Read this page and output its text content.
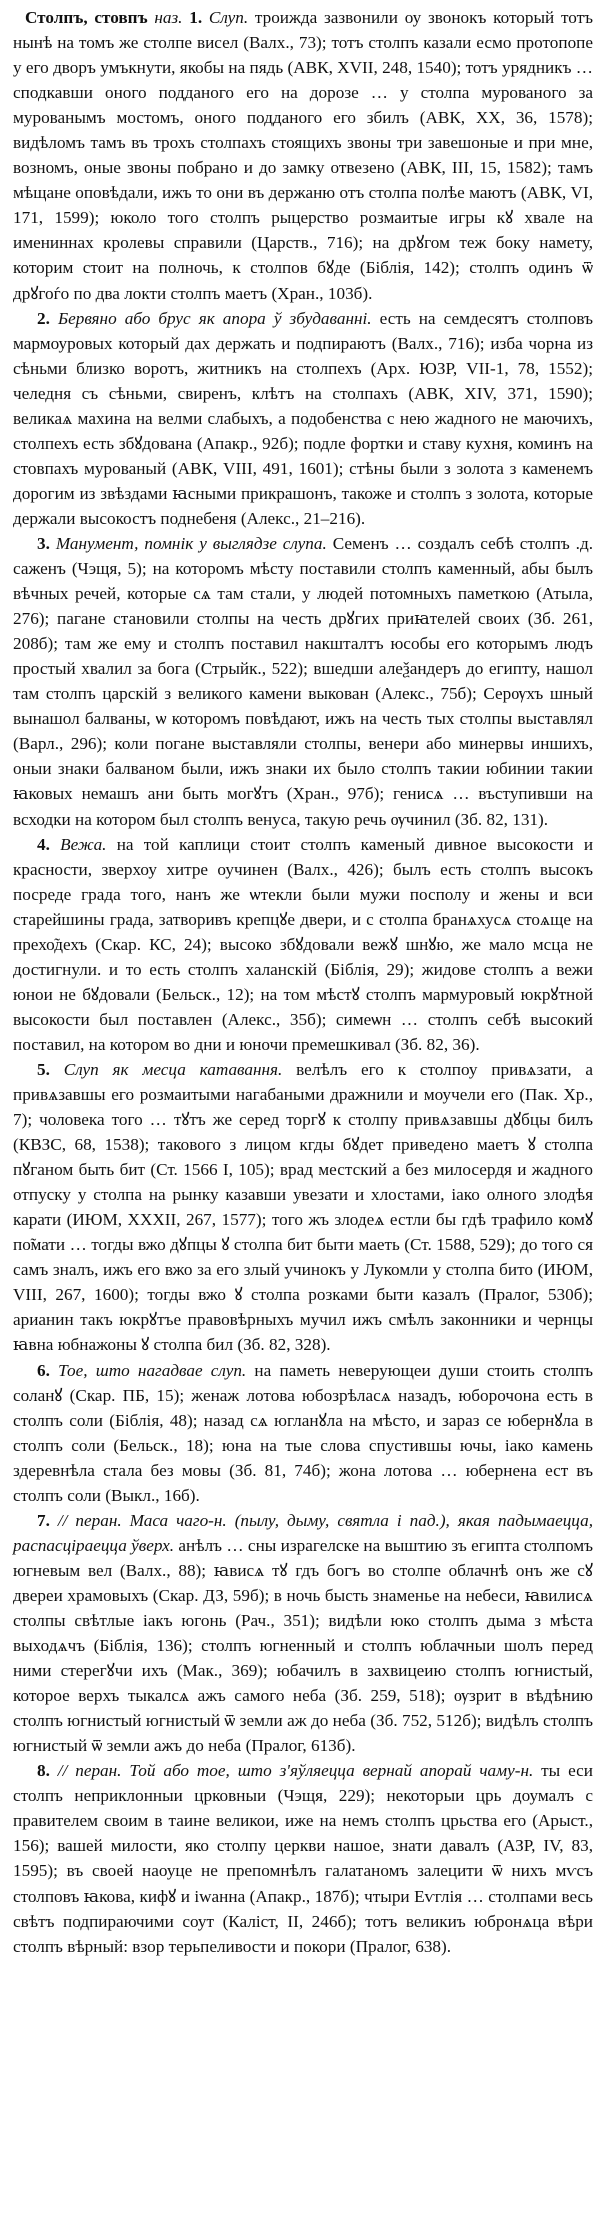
Столпъ, стовпъ наз. 1. Слуп. троижда зазвонили оу звонокъ который тотъ нынѣ на томъ же столпе висел (Валх., 73); тотъ столпъ казали есмо протопопе у его дворъ умъкнути, якобы на пядь (АВК, XVII, 248, 1540); тотъ урядникъ … сподкавши оного подданого его на дорозе … у столпа мурованого за мурованымъ мостомъ, оного подданого его збилъ (АВК, XX, 36, 1578); видѣломъ тамъ въ трохъ столпахъ стоящихъ звоны три завешоные и при мне, возномъ, оные звоны побрано и до замку отвезено (АВК, III, 15, 1582); тамъ мѣщане оповѣдали, ижъ то они въ держаню отъ столпа полѣе маютъ (АВК, VI, 171, 1599); юколо того столпъ рыцерство розмаитые игры кꙋ хвале на имениннах кролевы справили (Царств., 716); на дрꙋгом теж боку намету, которим стоит на полночь, к столпов бꙋде (Біблія, 142); столпъ одинъ ѿ дрꙋгоѓо по два локти столпъ маетъ (Хран., 103б).

2. Бервяно або брус як апора ў збудаванні. есть на семдесятъ столповъ мармоуровых который дах держать и подпираютъ (Валх., 716); изба чорна из сѣньми близко воротъ, житникъ на столпехъ (Арх. ЮЗР, VII-1, 78, 1552); челедня съ сѣньми, свиренъ, клѣтъ на столпахъ (АВК, XIV, 371, 1590); великаѧ махина на велми слабыхъ, а подобенства с нею жадного не маючихъ, столпехъ есть збꙋдована (Апакр., 92б); подле фортки и ставу кухня, коминъ на стовпахъ мурованый (АВК, VIII, 491, 1601); стѣны были з золота з камeнемъ дорогим из звѣздами ꙗсными прикрашонъ, такоже и столпъ з золота, которые держали высокостъ поднебеня (Алекс., 21–216).

3. Манумент, помнік у выглядзе слупа. Семенъ … создалъ себѣ столпъ .д. саженъ (Чэщя, 5); на которомъ мѣсту поставили столпъ каменный, абы былъ вѣчных речей, которые сѧ там стали, у людей потомныхъ паметкою (Атыла, 276); пагане становили столпы на честь дрꙋгих приꙗтелей своих (Зб. 261, 208б); там же ему и столпъ поставил накшталтъ юсобы его которымъ людъ простый хвалил за бога (Стрыйк., 522); вшедши алеѯандеръ до египту, нашол там столпъ царскій з великого камени выкован (Алекс., 75б); Серѹхъ шный вынашол балваны, ѡ которомъ повѣдают, ижъ на честь тых столпы выставлял (Варл., 296); коли погане выставляли столпы, венери або минервы иншихъ, оныи знаки балваном были, ижъ знаки их было столпъ такии юбинии такии ꙗковых немашъ ани быть могꙋтъ (Хран., 97б); генисѧ … въступивши на всходки на котором был столпъ венуса, такую речь ѹчинил (Зб. 82, 131).

4. Вежа. на той каплици стоит столпъ каменый дивное высокости и красности, зверхоу хитре оучинен (Валх., 426); былъ есть столпъ высокъ посреде града того, нанъ же ѡтекли были мужи посполу и жены и вси старейшины града, затворивъ крепцꙋе двери, и с столпа бранѧхусѧ стоѧще на прехо̃дехъ (Скар. КС, 24); высоко збꙋдовали вежꙋ шнꙋю, же мало мсца не достигнули. и то есть столпъ халанскій (Біблія, 29); жидове столпъ а вежи юнои не бꙋдовали (Бельск., 12); на том мѣстꙋ столпъ мармуровый юкрꙋтной высокости был поставлен (Алекс., 35б); симеѡн … столпъ себѣ высокий поставил, на котором во дни и юночи премешкивал (Зб. 82, 36).

5. Слуп як месца катавання. велѣлъ его к столпоу привѧзати, а привѧзавшы его розмаитыми нагабаными дражнили и моучели его (Пак. Хр., 7); чоловека того … тꙋтъ же серед торгꙋ к столпу привѧзавшы дꙋбцы билъ (КВЗС, 68, 1538); такового з лицом кгды бꙋдет приведено маетъ ꙋ столпа пꙋганом быть бит (Ст. 1566 I, 105); врад местский а без милосердя и жадного отпуску у столпа на рынку казавши увезати и хлостами, іако олного злодѣя карати (ИЮМ, XXXII, 267, 1577); того жъ злодеѧ естли бы гдѣ трафило комꙋ по̃мати … тогды вжо дꙋпцы ꙋ столпа бит быти маеть (Ст. 1588, 529); до того ся самъ зналъ, ижъ его вжо за его злый учинокъ у Лукомли у столпа бито (ИЮМ, VIII, 267, 1600); тогды вжо ꙋ столпа розками быти казалъ (Пралог, 530б); арианин такъ юкрꙋтъе правовѣрныхъ мучил ижъ смѣлъ законники и чернцы ꙗвна юбнажоны ꙋ столпа бил (Зб. 82, 328).

6. Тое, што нагадвае слуп. на паметь неверующеи души стоить столпъ соланꙋ (Скар. ПБ, 15); женаж лотова юбозрѣласѧ назадъ, юборочона есть в столпъ соли (Біблія, 48); назад сѧ югланꙋла на мѣсто, и зараз се юбернꙋла в столпъ соли (Бельск., 18); юна на тые слова спустившы ючы, іако камень здеревнѣла стала без мовы (Зб. 81, 74б); жона лотова … юбернена ест въ столпъ соли (Выкл., 16б).

7. // перан. Маса чаго-н. (пылу, дыму, святла і пад.), якая падымаецца, распасціраецца ўверх. анѣлъ … сны израгелске на выштию зъ египта столпомъ югневым вел (Валх., 88); ꙗвисѧ тꙋ гдъ богъ во столпе облачнѣ онъ же сꙋ двереи храмовыхъ (Скар. ДЗ, 59б); в ночь бысть знаменье на небеси, ꙗвилисѧ столпы свѣтлые іакъ югонь (Рач., 351); видѣли юко столпъ дыма з мѣста выходѧчъ (Біблія, 136); столпъ югненный и столпъ юблачныи шолъ перед ними стерегꙋчи ихъ (Мак., 369); юбачилъ в захвицеию столпъ югнистый, которое верхъ тыкалсѧ ажъ самого неба (Зб. 259, 518); ѹзрит в вѣдѣнию столпъ югнистый югнистый ѿ земли аж до неба (Зб. 752, 512б); видѣлъ столпъ югнистый ѿ земли ажъ до неба (Пралог, 613б).

8. // перан. Той або тое, што з'яўляецца вернай апорай чаму-н. ты еси столпъ неприклонныи црковныи (Чэщя, 229); некоторыи црь доумалъ с правителем своим в таине великои, иже на немъ столпъ црьства его (Арыст., 156); вашей милости, яко столпу церкви нашое, знати давалъ (АЗР, IV, 83, 1595); въ своей наоуце не препомнѣлъ галатаномъ залецити ѿ нихъ мѵсъ столповъ ꙗкова, кифꙋ и іwанна (Апакр., 187б); чтыри Еѵглія … столпами весь свѣтъ подпираючими соут (Каліст, II, 246б); тотъ великиъ юбронѧца вѣри столпъ вѣрный: взор терьпеливости и покори (Пралог, 638).
